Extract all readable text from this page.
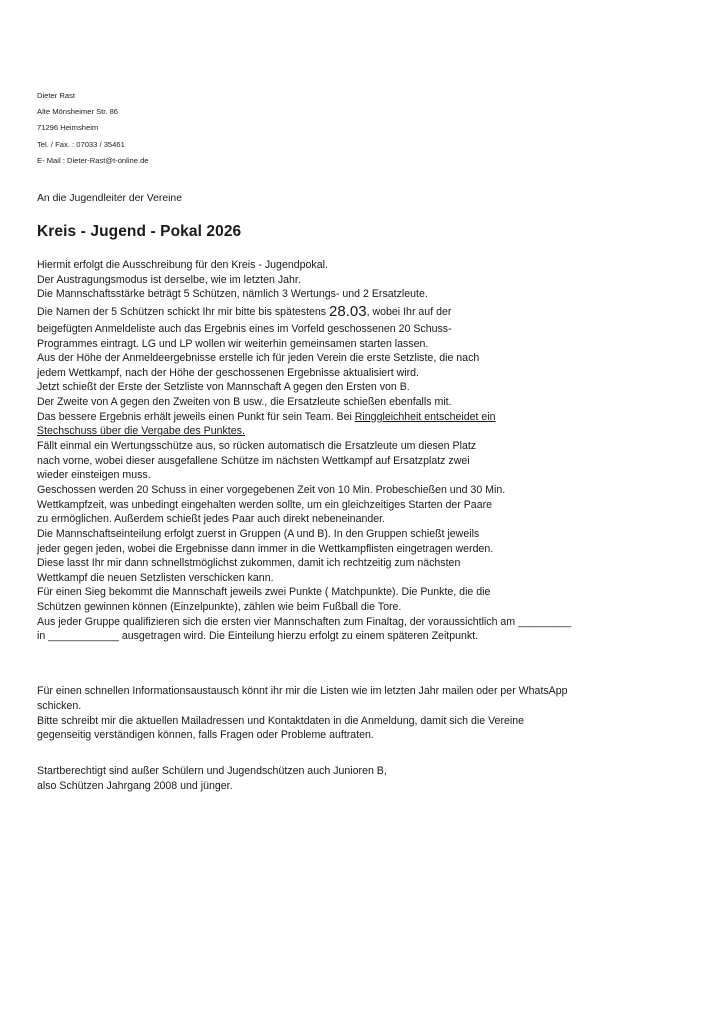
Dieter Rast
Alte Mönsheimer Str. 86
71296 Heimsheim
Tel. / Fax. : 07033 / 35461
E- Mail : Dieter-Rast@t-online.de
An die Jugendleiter der Vereine
Kreis - Jugend - Pokal 2026
Hiermit erfolgt die Ausschreibung für den Kreis - Jugendpokal.
Der Austragungsmodus ist derselbe, wie im letzten Jahr.
Die Mannschaftsstärke beträgt 5 Schützen, nämlich 3 Wertungs- und 2 Ersatzleute.
Die Namen der 5 Schützen schickt Ihr mir bitte bis spätestens 28.03, wobei Ihr auf der
beigefügten Anmeldeliste auch das Ergebnis eines im Vorfeld geschossenen 20 Schuss-
Programmes eintragt. LG und LP wollen wir weiterhin gemeinsamen starten lassen.
Aus der Höhe der Anmeldeergebnisse erstelle ich für jeden Verein die erste Setzliste, die nach
jedem Wettkampf, nach der Höhe der geschossenen Ergebnisse aktualisiert wird.
Jetzt schießt der Erste der Setzliste von Mannschaft A gegen den Ersten von B.
Der Zweite von A gegen den Zweiten von B usw., die Ersatzleute schießen ebenfalls mit.
Das bessere Ergebnis erhält jeweils einen Punkt für sein Team. Bei Ringgleichheit entscheidet ein
Stechschuss über die Vergabe des Punktes.
Fällt einmal ein Wertungsschütze aus, so rücken automatisch die Ersatzleute um diesen Platz
nach vorne, wobei dieser ausgefallene Schütze im nächsten Wettkampf auf Ersatzplatz zwei
wieder einsteigen muss.
Geschossen werden 20 Schuss in einer vorgegebenen Zeit von 10 Min. Probeschießen und 30 Min.
Wettkampfzeit, was unbedingt eingehalten werden sollte, um ein gleichzeitiges Starten der Paare
zu ermöglichen. Außerdem schießt jedes Paar auch direkt nebeneinander.
Die Mannschaftseinteilung erfolgt zuerst in Gruppen (A und B). In den Gruppen schießt jeweils
jeder gegen jeden, wobei die Ergebnisse dann immer in die Wettkampflisten eingetragen werden.
Diese lasst Ihr mir dann schnellstmöglichst zukommen, damit ich rechtzeitig zum nächsten
Wettkampf die neuen Setzlisten verschicken kann.
Für einen Sieg bekommt die Mannschaft jeweils zwei Punkte ( Matchpunkte). Die Punkte, die die
Schützen gewinnen können (Einzelpunkte), zählen wie beim Fußball die Tore.
Aus jeder Gruppe qualifizieren sich die ersten vier Mannschaften zum Finaltag, der voraussichtlich am _________
in ____________ ausgetragen wird. Die Einteilung hierzu erfolgt zu einem späteren Zeitpunkt.
Für einen schnellen Informationsaustausch könnt ihr mir die Listen wie im letzten Jahr mailen oder per WhatsApp
schicken.
Bitte schreibt mir die aktuellen Mailadressen und Kontaktdaten in die Anmeldung, damit sich die Vereine
gegenseitig verständigen können, falls Fragen oder Probleme auftraten.
Startberechtigt sind außer Schülern und Jugendschützen auch Junioren B,
also Schützen Jahrgang 2008 und jünger.
